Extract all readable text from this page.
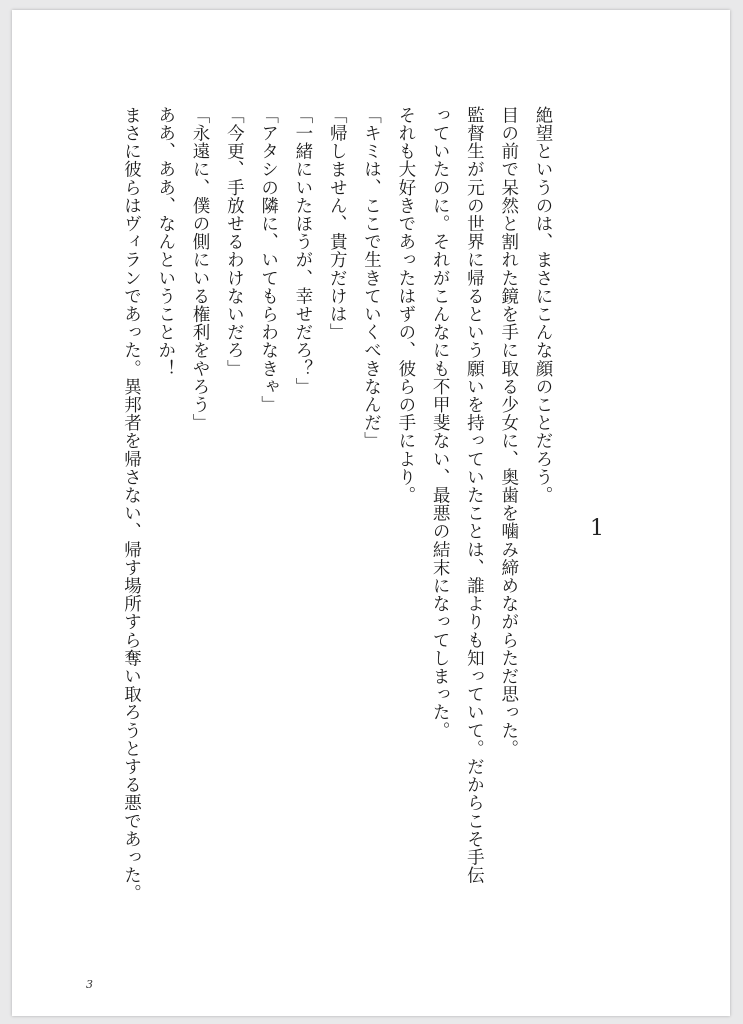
1
絶望というのは、まさにこんな顔のことだろう。
目の前で呆然と割れた鏡を手に取る少女に、奥歯を噛み締めながらただ思った。
監督生が元の世界に帰るという願いを持っていたことは、誰よりも知っていて。だからこそ手伝
っていたのに。それがこんなにも不甲斐ない、最悪の結末になってしまった。
それも大好きであったはずの、彼らの手により。
「キミは、ここで生きていくべきなんだ」
「帰しません、貴方だけは」
「一緒にいたほうが、幸せだろ？」
「アタシの隣に、いてもらわなきゃ」
「今更、手放せるわけないだろ」
「永遠に、僕の側にいる権利をやろう」
ああ、ああ、なんということか！
まさに彼らはヴィランであった。異邦者を帰さない、帰す場所すら奪い取ろうとする悪であった。
3
